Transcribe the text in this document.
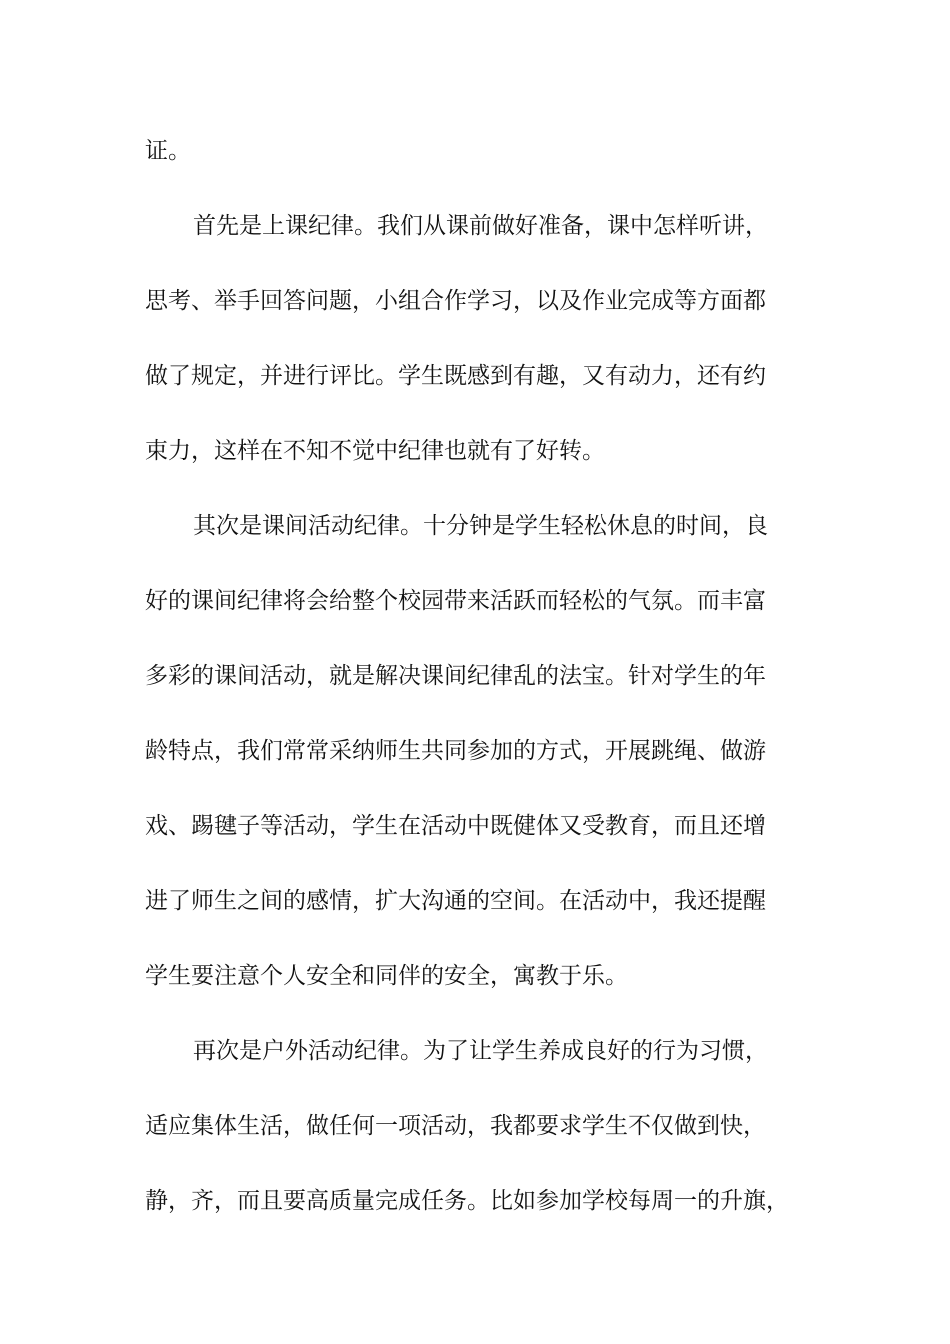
证。
首先是上课纪律。我们从课前做好准备，课中怎样听讲，
思考、举手回答问题，小组合作学习，以及作业完成等方面都
做了规定，并进行评比。学生既感到有趣，又有动力，还有约
束力，这样在不知不觉中纪律也就有了好转。
其次是课间活动纪律。十分钟是学生轻松休息的时间，良
好的课间纪律将会给整个校园带来活跃而轻松的气氛。而丰富
多彩的课间活动，就是解决课间纪律乱的法宝。针对学生的年
龄特点，我们常常采纳师生共同参加的方式，开展跳绳、做游
戏、踢毽子等活动，学生在活动中既健体又受教育，而且还增
进了师生之间的感情，扩大沟通的空间。在活动中，我还提醒
学生要注意个人安全和同伴的安全，寓教于乐。
再次是户外活动纪律。为了让学生养成良好的行为习惯，
适应集体生活，做任何一项活动，我都要求学生不仅做到快，
静，齐，而且要高质量完成任务。比如参加学校每周一的升旗，
